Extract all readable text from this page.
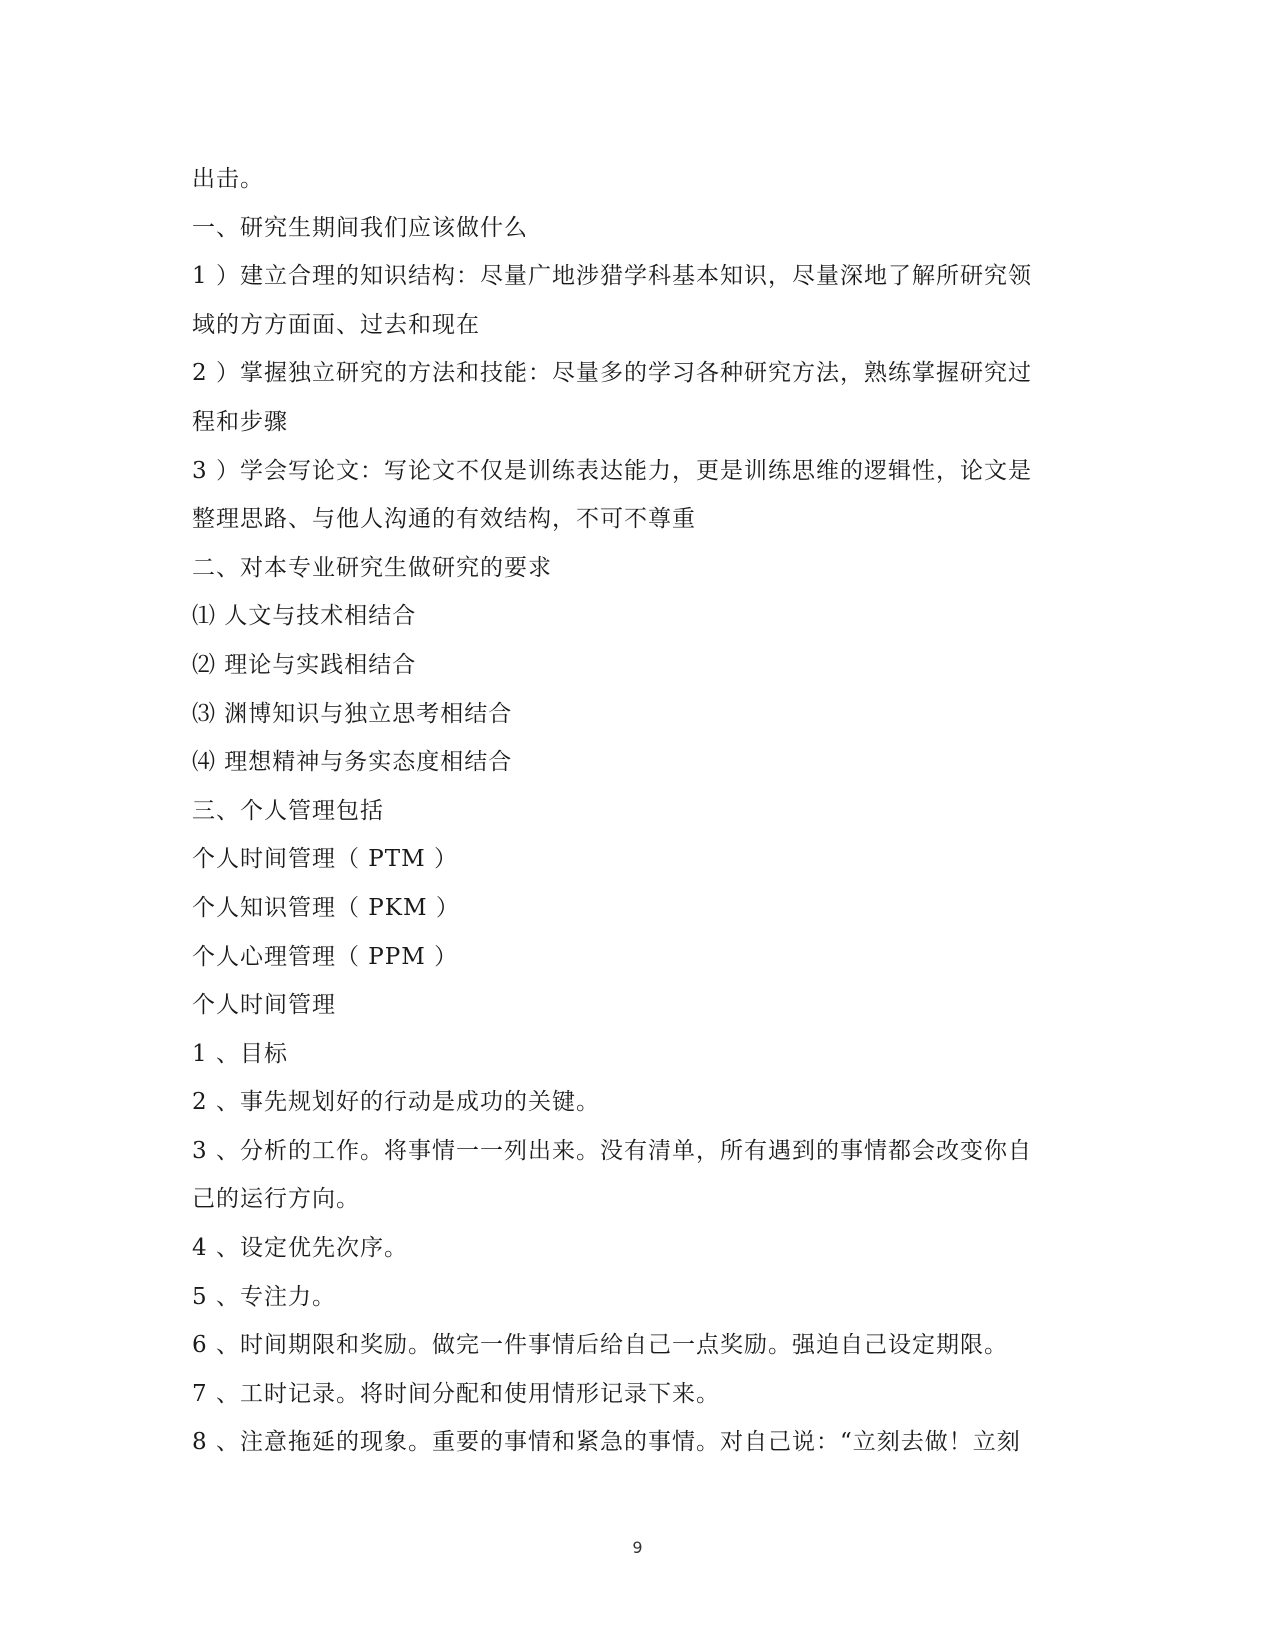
出击。
一、研究生期间我们应该做什么
1 ）建立合理的知识结构：尽量广地涉猎学科基本知识，尽量深地了解所研究领
域的方方面面、过去和现在
2 ）掌握独立研究的方法和技能：尽量多的学习各种研究方法，熟练掌握研究过
程和步骤
3 ）学会写论文：写论文不仅是训练表达能力，更是训练思维的逻辑性，论文是
整理思路、与他人沟通的有效结构，不可不尊重
二、对本专业研究生做研究的要求
⑴ 人文与技术相结合
⑵ 理论与实践相结合
⑶ 渊博知识与独立思考相结合
⑷ 理想精神与务实态度相结合
三、个人管理包括
个人时间管理（ PTM ）
个人知识管理（ PKM ）
个人心理管理（ PPM ）
个人时间管理
1 、目标
2 、事先规划好的行动是成功的关键。
3 、分析的工作。将事情一一列出来。没有清单，所有遇到的事情都会改变你自
己的运行方向。
4 、设定优先次序。
5 、专注力。
6 、时间期限和奖励。做完一件事情后给自己一点奖励。强迫自己设定期限。
7 、工时记录。将时间分配和使用情形记录下来。
8 、注意拖延的现象。重要的事情和紧急的事情。对自己说：“立刻去做！立刻
9
